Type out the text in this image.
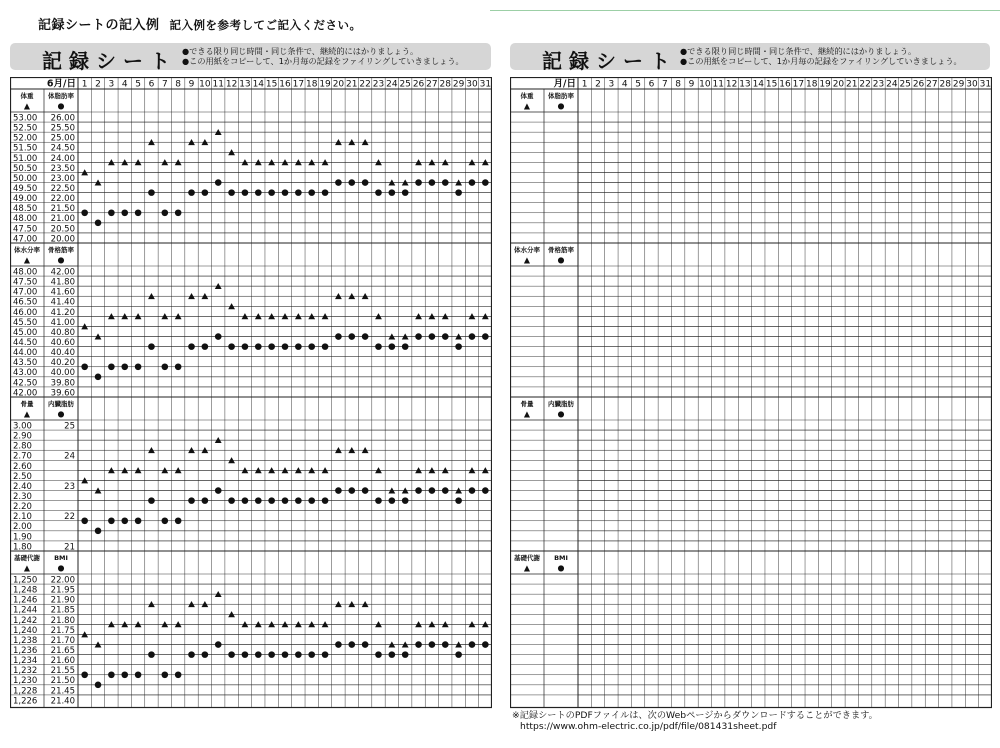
記録シートの記入例 記入例を参考してご記入ください。
記録シート ●できる限り同じ時間・同じ条件で、継続的にはかりましょう。
●この用紙をコピーして、1か月毎の記録をファイリングしていきましょう。	記録シート ●できる限り同じ時間・同じ条件で、継続的にはかりましょう。
●この用紙をコピーして、1か月毎の記録をファイリングしていきましょう。
6月/日 1 2 3 4 5 6 7 8 9 10 11 12 13 14 15 16 17 18 19 20 21 22 23 24 25 26 27 28 29 30 31
体重 体脂肪率
▲	●
53.00 26.00
52.50 25.50
52.00 25.00
51.50 24.50
51.00 24.00
50.50 23.50
50.00 23.00
49.50 22.50
49.00 22.00
48.50 21.50
48.00 21.00
47.50 20.50
47.00 20.00
体水分率 骨格筋率
▲	●
48.00 42.00
47.50 41.80
47.00 41.60
46.50 41.40
46.00 41.20
45.50 41.00
45.00 40.80
44.50 40.60
44.00 40.40
43.50 40.20
43.00 40.00
42.50 39.80
42.00 39.60
骨量 内臓脂肪
▲	●
3.00	25
2.90
2.80
2.70	24
2.60
2.50
2.40	23
2.30
2.20
2.10	22
2.00
1.90
1.80	21
基礎代謝 BMI
▲	●
1,250 22.00
1,248 21.95
1,246 21.90
1,244 21.85
1,242 21.80
1,240 21.75
1,238 21.70
1,236 21.65
1,234 21.60
1,232 21.55
1,230 21.50
1,228 21.45
1,226 21.40
月/日 1 2 3 4 5 6 7 8 9 10 11 12 13 14 15 16 17 18 19 20 21 22 23 24 25 26 27 28 29 30 31
体重 体脂肪率
▲	●
体水分率 骨格筋率
▲	●
骨量 内臓脂肪
▲	●
基礎代謝 BMI
▲	●
※記録シートのPDFファイルは、次のWebページからダウンロードすることができます。
https://www.ohm-electric.co.jp/pdf/file/081431sheet.pdf
